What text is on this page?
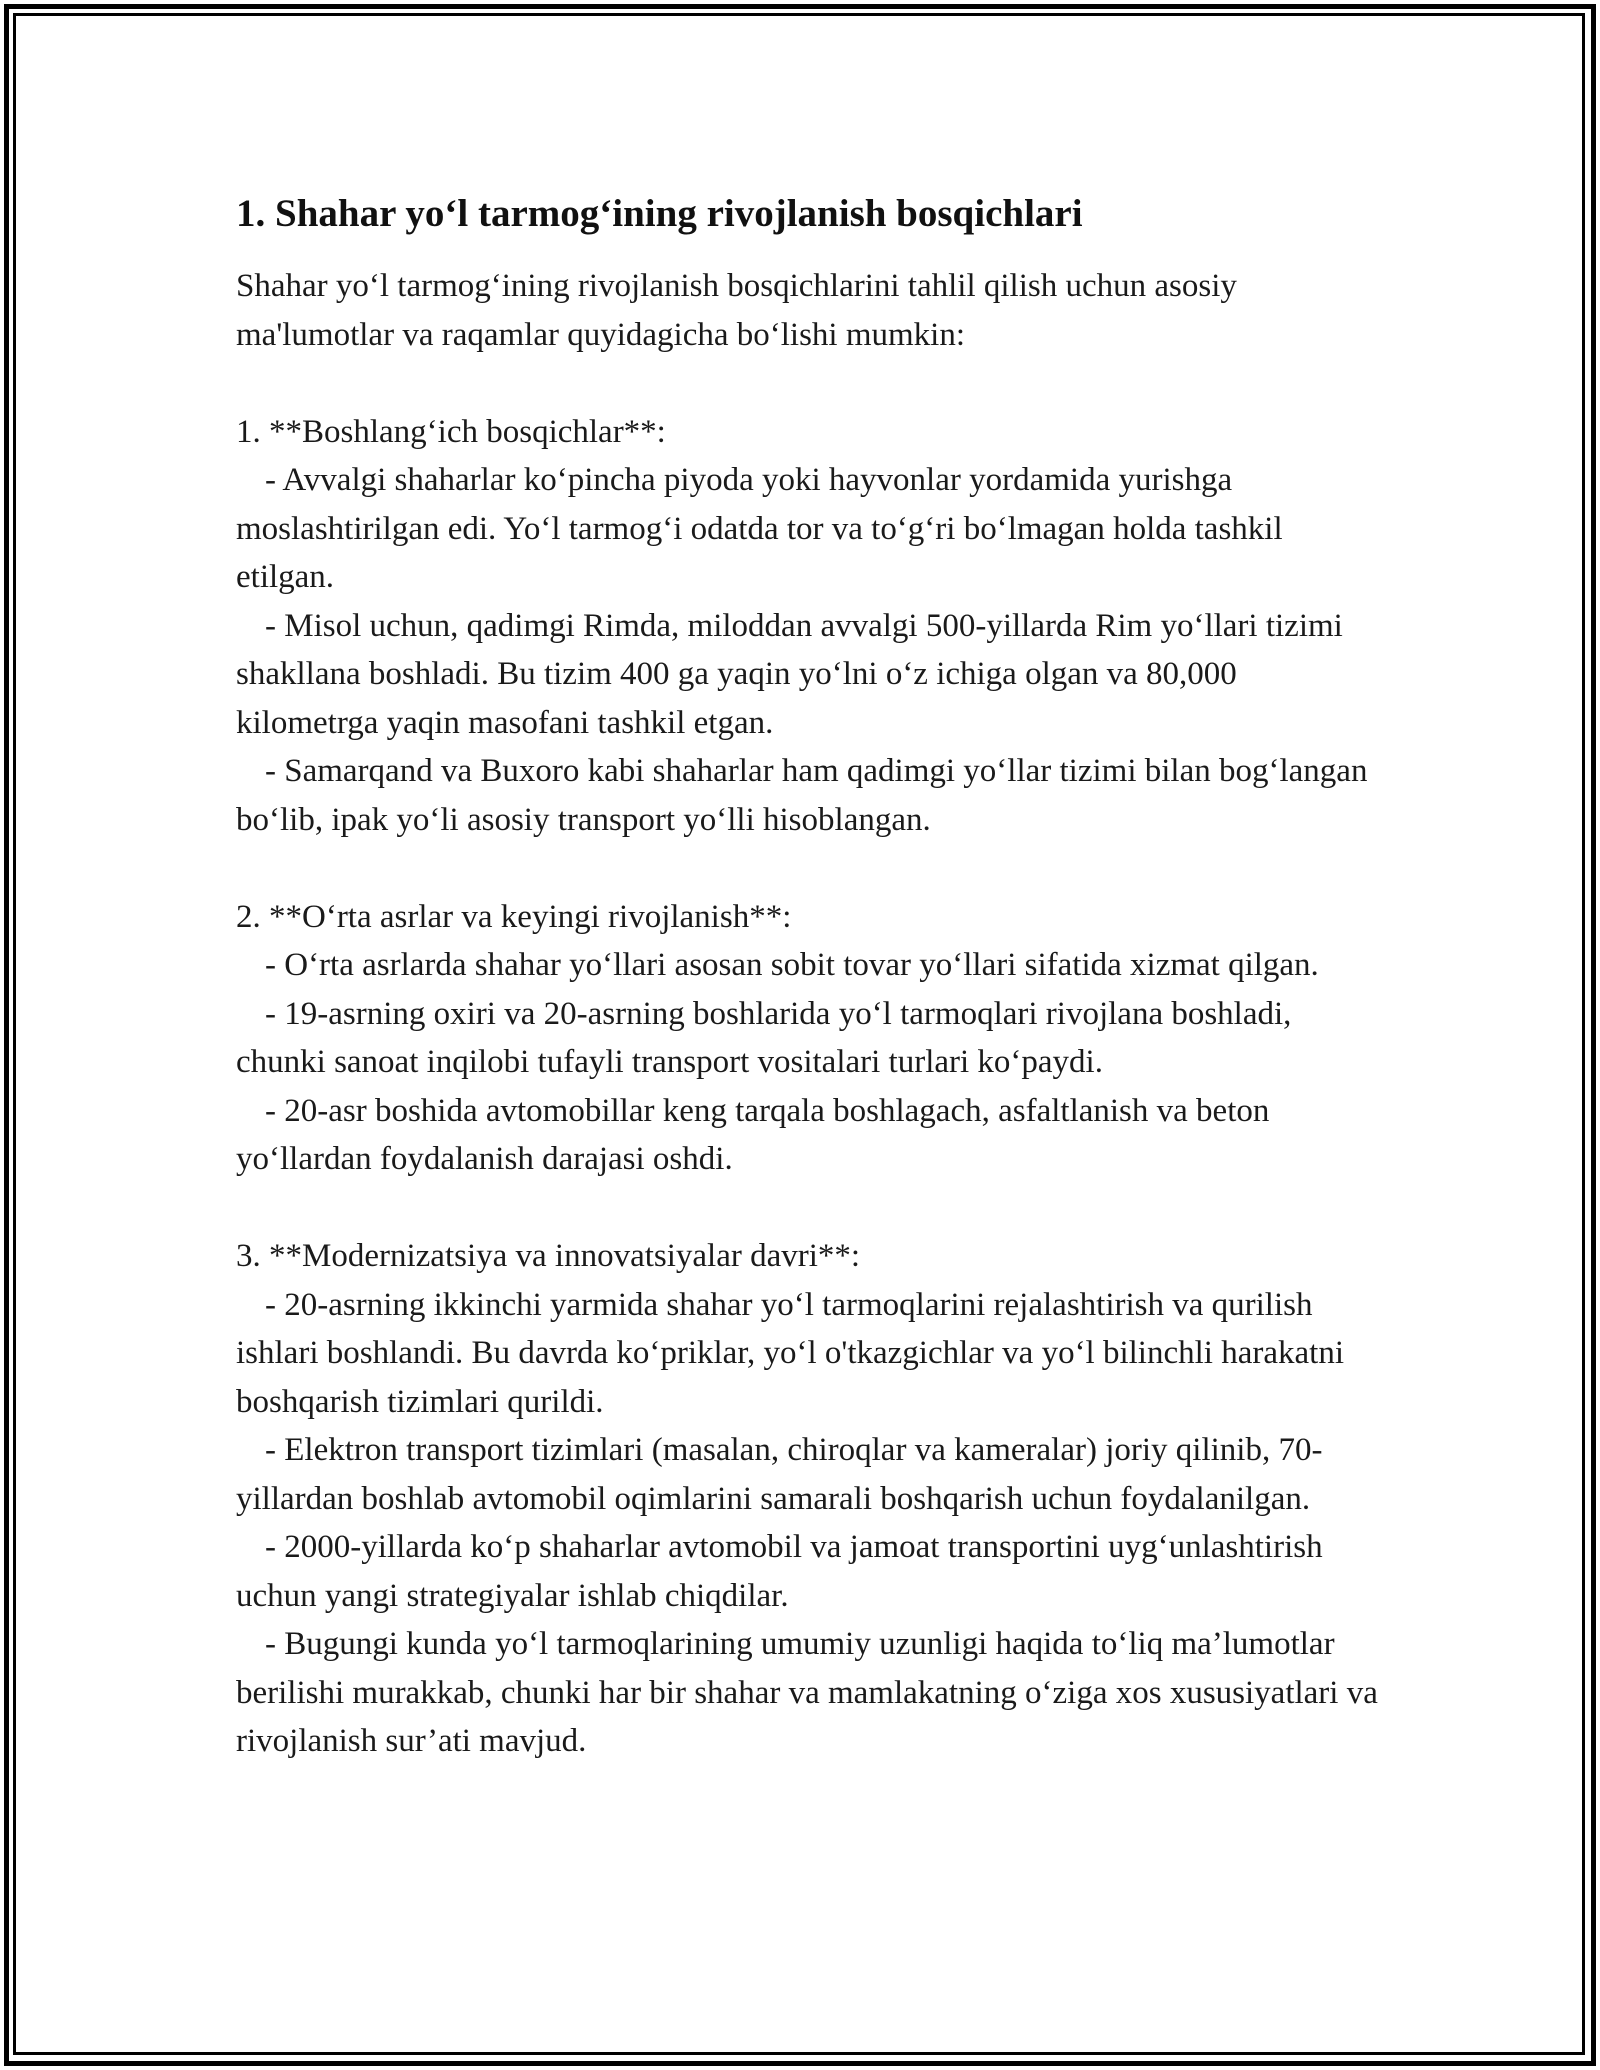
1. Shahar yo‘l tarmog‘ining rivojlanish bosqichlari

Shahar yo‘l tarmog‘ining rivojlanish bosqichlarini tahlil qilish uchun asosiy ma'lumotlar va raqamlar quyidagicha bo‘lishi mumkin:

1. **Boshlang‘ich bosqichlar**:

- Avvalgi shaharlar ko‘pincha piyoda yoki hayvonlar yordamida yurishga moslashtirilgan edi. Yo‘l tarmog‘i odatda tor va to‘g‘ri bo‘lmagan holda tashkil etilgan.

- Misol uchun, qadimgi Rimda, miloddan avvalgi 500-yillarda Rim yo‘llari tizimi shakllana boshladi. Bu tizim 400 ga yaqin yo‘lni o‘z ichiga olgan va 80,000 kilometrga yaqin masofani tashkil etgan.

- Samarqand va Buxoro kabi shaharlar ham qadimgi yo‘llar tizimi bilan bog‘langan bo‘lib, ipak yo‘li asosiy transport yo‘lli hisoblangan.

2. **O‘rta asrlar va keyingi rivojlanish**:

- O‘rta asrlarda shahar yo‘llari asosan sobit tovar yo‘llari sifatida xizmat qilgan.

- 19-asrning oxiri va 20-asrning boshlarida yo‘l tarmoqlari rivojlana boshladi, chunki sanoat inqilobi tufayli transport vositalari turlari ko‘paydi.

- 20-asr boshida avtomobillar keng tarqala boshlagach, asfaltlanish va beton yo‘llardan foydalanish darajasi oshdi.

3. **Modernizatsiya va innovatsiyalar davri**:

- 20-asrning ikkinchi yarmida shahar yo‘l tarmoqlarini rejalashtirish va qurilish ishlari boshlandi. Bu davrda ko‘priklar, yo‘l o'tkazgichlar va yo‘l bilinchli harakatni boshqarish tizimlari qurildi.

- Elektron transport tizimlari (masalan, chiroqlar va kameralar) joriy qilinib, 70-yillardan boshlab avtomobil oqimlarini samarali boshqarish uchun foydalanilgan.

- 2000-yillarda ko‘p shaharlar avtomobil va jamoat transportini uyg‘unlashtirish uchun yangi strategiyalar ishlab chiqdilar.

- Bugungi kunda yo‘l tarmoqlarining umumiy uzunligi haqida to‘liq ma’lumotlar berilishi murakkab, chunki har bir shahar va mamlakatning o‘ziga xos xususiyatlari va rivojlanish sur’ati mavjud.
